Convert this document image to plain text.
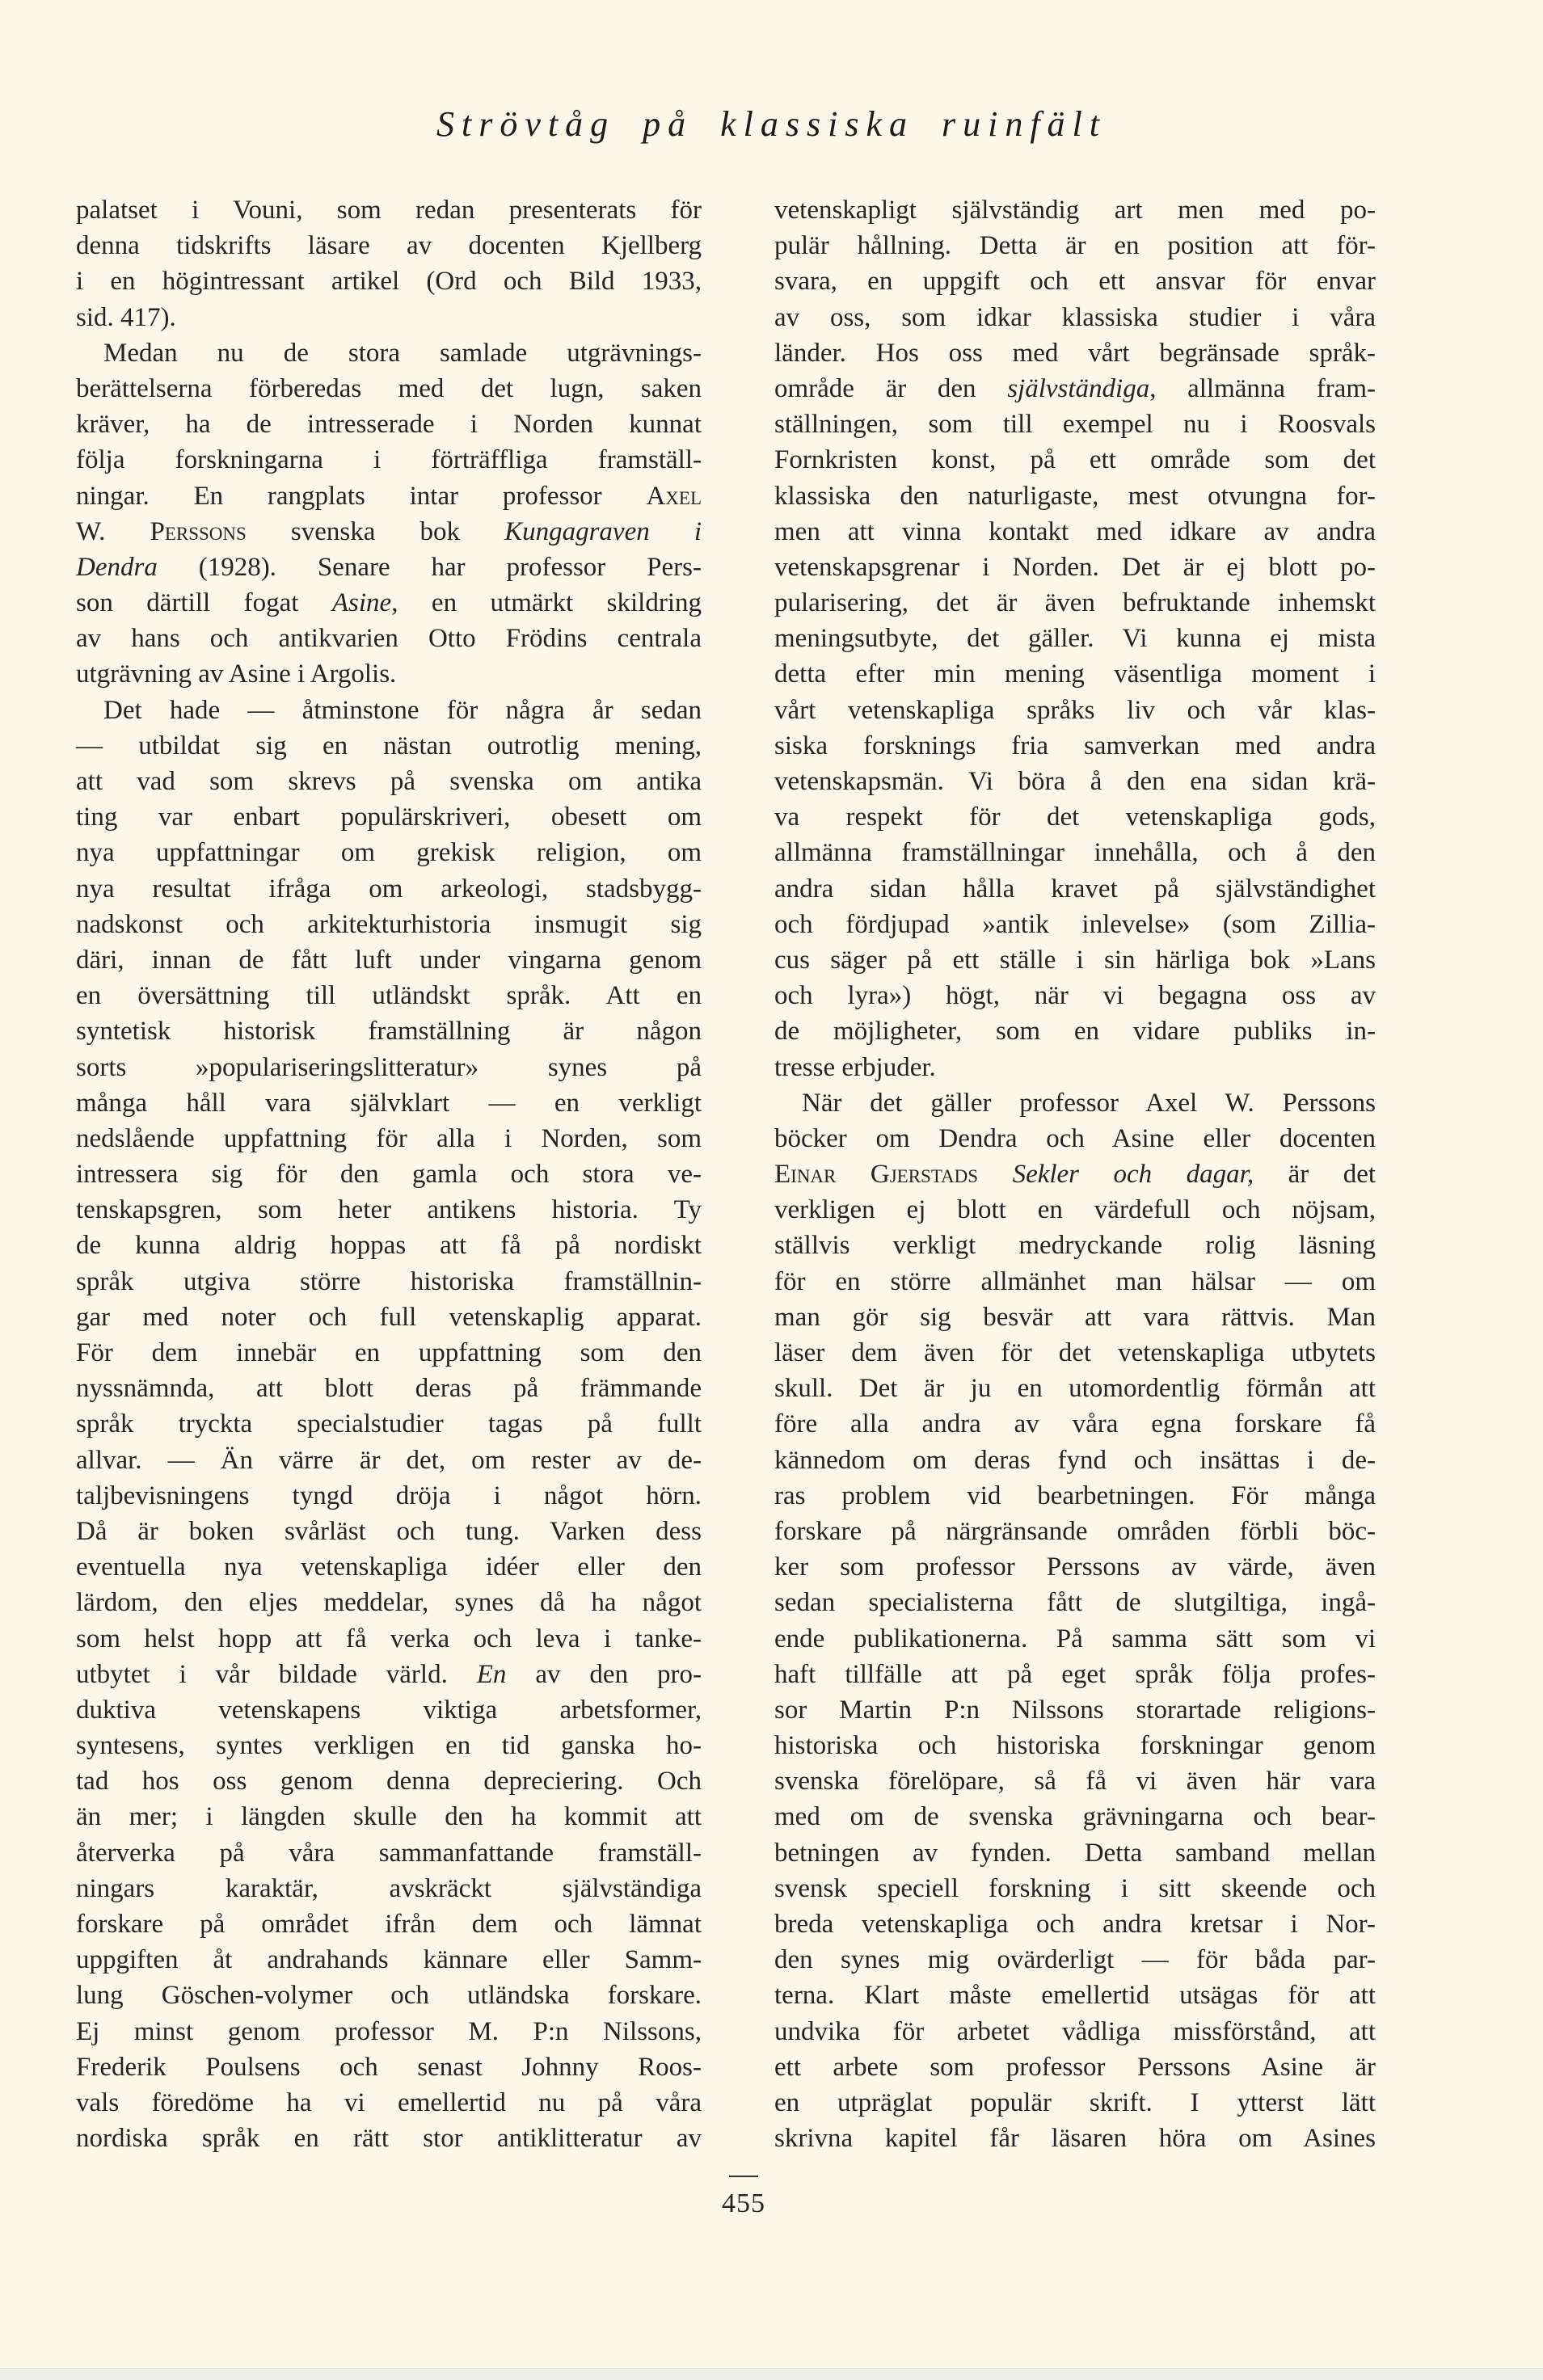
Strövtåg på klassiska ruinfält
palatset i Vouni, som redan presenterats för
denna tidskrifts läsare av docenten Kjellberg
i en högintressant artikel (Ord och Bild 1933,
sid. 417).
Medan nu de stora samlade utgrävnings-
berättelserna förberedas med det lugn, saken
kräver, ha de intresserade i Norden kunnat
följa forskningarna i förträffliga framställ-
ningar. En rangplats intar professor Axel
W. Perssons svenska bok Kungagraven i
Dendra (1928). Senare har professor Pers-
son därtill fogat Asine, en utmärkt skildring
av hans och antikvarien Otto Frödins centrala
utgrävning av Asine i Argolis.
Det hade — åtminstone för några år sedan
— utbildat sig en nästan outrotlig mening,
att vad som skrevs på svenska om antika
ting var enbart populärskriveri, obesett om
nya uppfattningar om grekisk religion, om
nya resultat ifråga om arkeologi, stadsbygg-
nadskonst och arkitekturhistoria insmugit sig
däri, innan de fått luft under vingarna genom
en översättning till utländskt språk. Att en
syntetisk historisk framställning är någon
sorts »populariseringslitteratur» synes på
många håll vara självklart — en verkligt
nedslående uppfattning för alla i Norden, som
intressera sig för den gamla och stora ve-
tenskapsgren, som heter antikens historia. Ty
de kunna aldrig hoppas att få på nordiskt
språk utgiva större historiska framställnin-
gar med noter och full vetenskaplig apparat.
För dem innebär en uppfattning som den
nyssnämnda, att blott deras på främmande
språk tryckta specialstudier tagas på fullt
allvar. — Än värre är det, om rester av de-
taljbevisningens tyngd dröja i något hörn.
Då är boken svårläst och tung. Varken dess
eventuella nya vetenskapliga idéer eller den
lärdom, den eljes meddelar, synes då ha något
som helst hopp att få verka och leva i tanke-
utbytet i vår bildade värld. En av den pro-
duktiva vetenskapens viktiga arbetsformer,
syntesens, syntes verkligen en tid ganska ho-
tad hos oss genom denna depreciering. Och
än mer; i längden skulle den ha kommit att
återverka på våra sammanfattande framställ-
ningars karaktär, avskräckt självständiga
forskare på området ifrån dem och lämnat
uppgiften åt andrahands kännare eller Samm-
lung Göschen-volymer och utländska forskare.
Ej minst genom professor M. P:n Nilssons,
Frederik Poulsens och senast Johnny Roos-
vals föredöme ha vi emellertid nu på våra
nordiska språk en rätt stor antiklitteratur av
vetenskapligt självständig art men med po-
pulär hållning. Detta är en position att för-
svara, en uppgift och ett ansvar för envar
av oss, som idkar klassiska studier i våra
länder. Hos oss med vårt begränsade språk-
område är den självständiga, allmänna fram-
ställningen, som till exempel nu i Roosvals
Fornkristen konst, på ett område som det
klassiska den naturligaste, mest otvungna for-
men att vinna kontakt med idkare av andra
vetenskapsgrenar i Norden. Det är ej blott po-
pularisering, det är även befruktande inhemskt
meningsutbyte, det gäller. Vi kunna ej mista
detta efter min mening väsentliga moment i
vårt vetenskapliga språks liv och vår klas-
siska forsknings fria samverkan med andra
vetenskapsmän. Vi böra å den ena sidan krä-
va respekt för det vetenskapliga gods,
allmänna framställningar innehålla, och å den
andra sidan hålla kravet på självständighet
och fördjupad »antik inlevelse» (som Zillia-
cus säger på ett ställe i sin härliga bok »Lans
och lyra») högt, när vi begagna oss av
de möjligheter, som en vidare publiks in-
tresse erbjuder.
När det gäller professor Axel W. Perssons
böcker om Dendra och Asine eller docenten
Einar Gjerstads Sekler och dagar, är det
verkligen ej blott en värdefull och nöjsam,
ställvis verkligt medryckande rolig läsning
för en större allmänhet man hälsar — om
man gör sig besvär att vara rättvis. Man
läser dem även för det vetenskapliga utbytets
skull. Det är ju en utomordentlig förmån att
före alla andra av våra egna forskare få
kännedom om deras fynd och insättas i de-
ras problem vid bearbetningen. För många
forskare på närgränsande områden förbli böc-
ker som professor Perssons av värde, även
sedan specialisterna fått de slutgiltiga, ingå-
ende publikationerna. På samma sätt som vi
haft tillfälle att på eget språk följa profes-
sor Martin P:n Nilssons storartade religions-
historiska och historiska forskningar genom
svenska förelöpare, så få vi även här vara
med om de svenska grävningarna och bear-
betningen av fynden. Detta samband mellan
svensk speciell forskning i sitt skeende och
breda vetenskapliga och andra kretsar i Nor-
den synes mig ovärderligt — för båda par-
terna. Klart måste emellertid utsägas för att
undvika för arbetet vådliga missförstånd, att
ett arbete som professor Perssons Asine är
en utpräglat populär skrift. I ytterst lätt
skrivna kapitel får läsaren höra om Asines
455
